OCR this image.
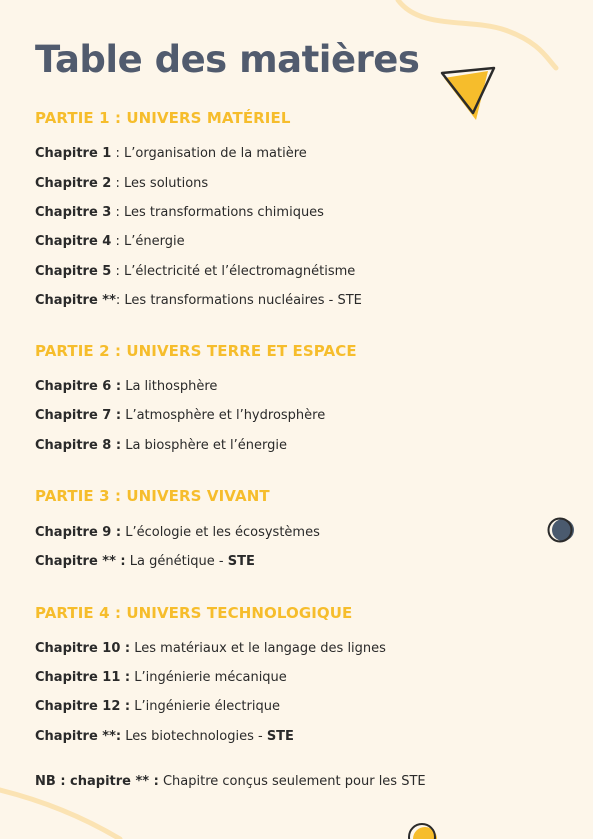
Table des matières
PARTIE 1 : UNIVERS MATÉRIEL
Chapitre 1 : L’organisation de la matière
Chapitre 2 : Les solutions
Chapitre 3 : Les transformations chimiques
Chapitre 4 : L’énergie
Chapitre 5 : L’électricité et l’électromagnétisme
Chapitre **: Les transformations nucléaires - STE
PARTIE 2 : UNIVERS TERRE ET ESPACE
Chapitre 6 : La lithosphère
Chapitre 7 : L’atmosphère et l’hydrosphère
Chapitre 8 : La biosphère et l’énergie
PARTIE 3 : UNIVERS VIVANT
Chapitre 9 : L’écologie et les écosystèmes
Chapitre ** : La génétique - STE
PARTIE 4 : UNIVERS TECHNOLOGIQUE
Chapitre 10 : Les matériaux et le langage des lignes
Chapitre 11 : L’ingénierie mécanique
Chapitre 12 : L’ingénierie électrique
Chapitre **: Les biotechnologies - STE
NB : chapitre ** : Chapitre conçus seulement pour les STE
